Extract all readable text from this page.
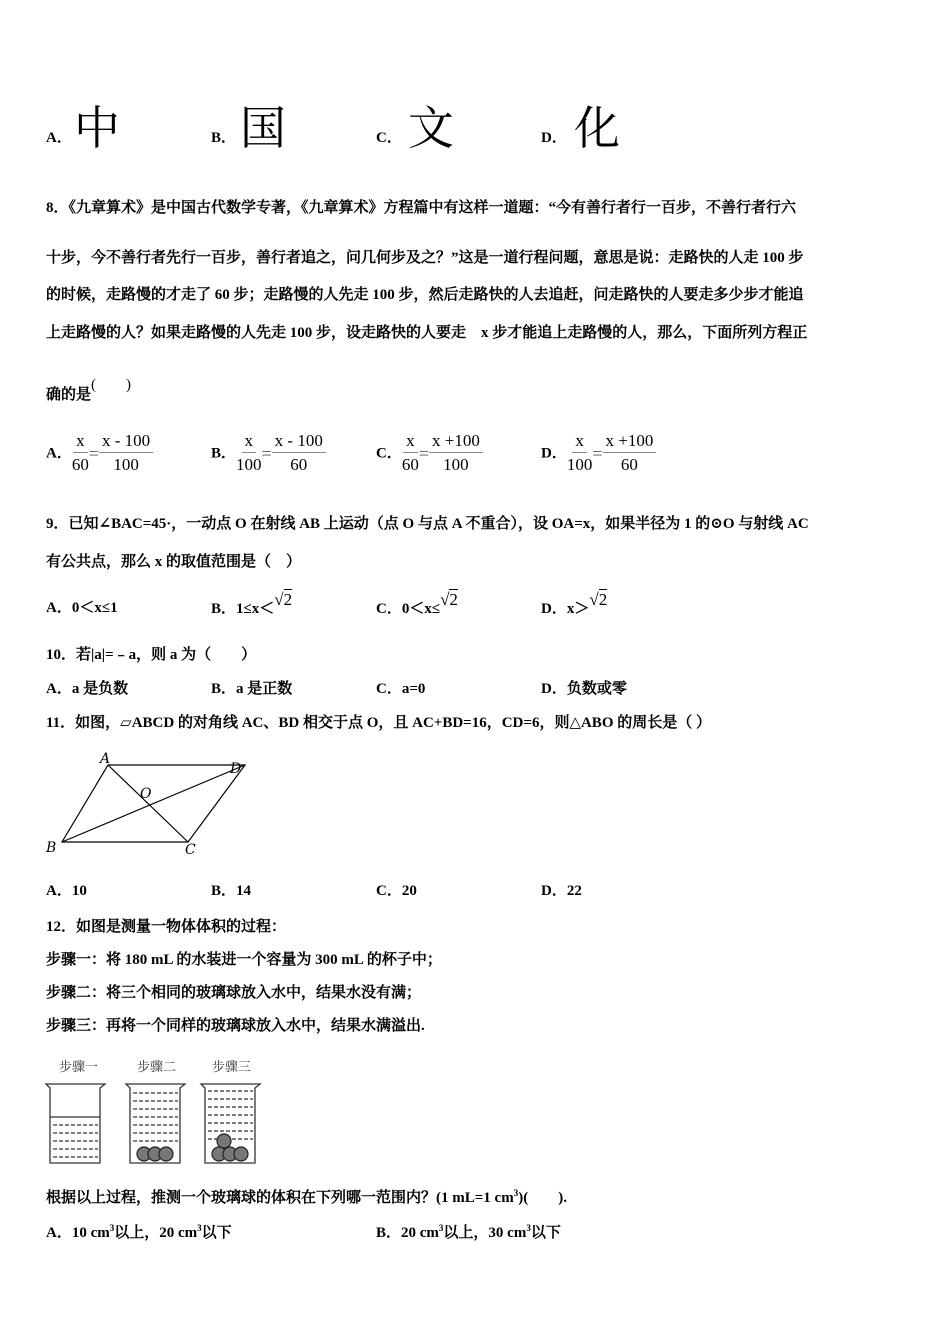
A． 中	B． 国	C． 文	D． 化
8．《九章算术》是中国古代数学专著，《九章算术》方程篇中有这样一道题：“今有善行者行一百步，不善行者行六
十步，今不善行者先行一百步，善行者追之，问几何步及之？”这是一道行程问题，意思是说：走路快的人走 100 步
的时候，走路慢的才走了 60 步；走路慢的人先走 100 步，然后走路快的人去追赶，问走路快的人要走多少步才能追
上走路慢的人？如果走路慢的人先走 100 步，设走路快的人要走　x 步才能追上走路慢的人，那么，下面所列方程正
确的是(　　)
A． $\frac{x}{60} = \frac{x - 100}{100}$	B． $\frac{x}{100} = \frac{x - 100}{60}$	C． $\frac{x}{60} = \frac{x +100}{100}$	D． $\frac{x}{100} = \frac{x +100}{60}$
9．已知∠BAC=45·，一动点 O 在射线 AB 上运动（点 O 与点 A 不重合），设 OA=x，如果半径为 1 的⊙O 与射线 AC
有公共点，那么 x 的取值范围是（　）
A．0＜x≤1	B．1≤x＜√2	C．0＜x≤√2	D．x＞√2
10．若|a|=﹣a，则 a 为（　　）
A．a 是负数	B．a 是正数	C．a=0	D．负数或零
11．如图，▱ABCD 的对角线 AC、BD 相交于点 O，且 AC+BD=16，CD=6，则△ABO 的周长是（ ）
A
D
O
B	C
A．10	B．14	C．20	D．22
12．如图是测量一物体体积的过程：
步骤一：将 180 mL 的水装进一个容量为 300 mL 的杯子中；
步骤二：将三个相同的玻璃球放入水中，结果水没有满；
步骤三：再将一个同样的玻璃球放入水中，结果水满溢出.
步骤一	步骤二	步骤三
根据以上过程，推测一个玻璃球的体积在下列哪一范围内？(1 mL=1 $cm^3$)(　　).
A．10 $cm^3$以上，20 $cm^3$以下	B．20 $cm^3$以上，30 $cm^3$以下
